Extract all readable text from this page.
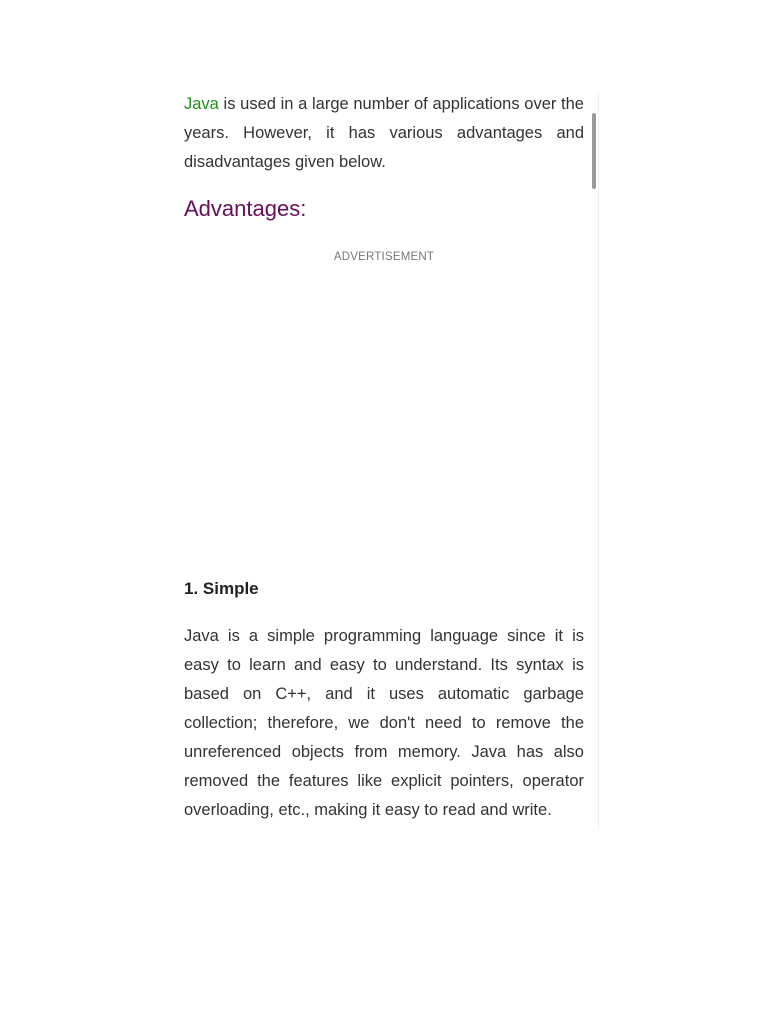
Java is used in a large number of applications over the years. However, it has various advantages and disadvantages given below.

Advantages:
ADVERTISEMENT
1. Simple

Java is a simple programming language since it is easy to learn and easy to understand. Its syntax is based on C++, and it uses automatic garbage collection; therefore, we don't need to remove the unreferenced objects from memory. Java has also removed the features like explicit pointers, operator overloading, etc., making it easy to read and write.
